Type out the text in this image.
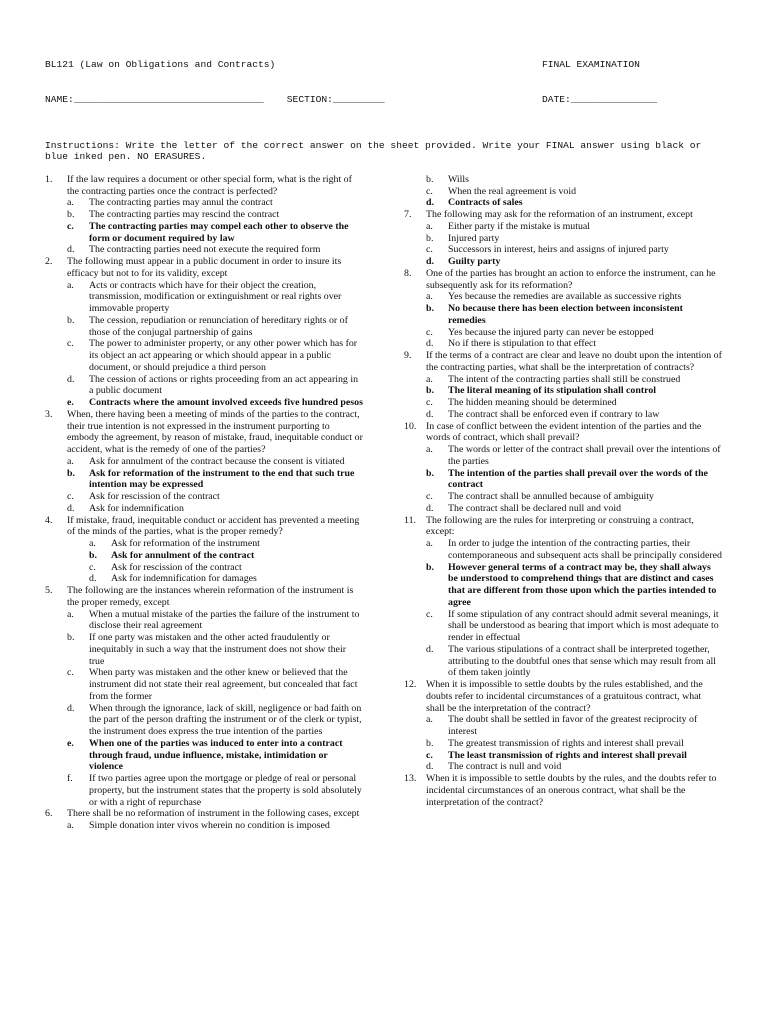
BL121 (Law on Obligations and Contracts)

NAME:_________________________________    SECTION:_________

FINAL EXAMINATION

DATE:_______________

Instructions: Write the letter of the correct answer on the sheet provided. Write your FINAL answer using black or blue inked pen. NO ERASURES.
1.	If the law requires a document or other special form, what is the right of the contracting parties once the contract is perfected?
a.	The contracting parties may annul the contract
b.	The contracting parties may rescind the contract
c.	The contracting parties may compel each other to observe the form or document required by law
d.	The contracting parties need not execute the required form
2.	The following must appear in a public document in order to insure its efficacy but not to for its validity, except
a.	Acts or contracts which have for their object the creation, transmission, modification or extinguishment or real rights over immovable property
b.	The cession, repudiation or renunciation of hereditary rights or of those of the conjugal partnership of gains
c.	The power to administer property, or any other power which has for its object an act appearing or which should appear in a public document, or should prejudice a third person
d.	The cession of actions or rights proceeding from an act appearing in a public document
e.	Contracts where the amount involved exceeds five hundred pesos
3.	When, there having been a meeting of minds of the parties to the contract, their true intention is not expressed in the instrument purporting to embody the agreement, by reason of mistake, fraud, inequitable conduct or accident, what is the remedy of one of the parties?
a.	Ask for annulment of the contract because the consent is vitiated
b.	Ask for reformation of the instrument to the end that such true intention may be expressed
c.	Ask for rescission of the contract
d.	Ask for indemnification
4.	If mistake, fraud, inequitable conduct or accident has prevented a meeting of the minds of the parties, what is the proper remedy?
a.	Ask for reformation of the instrument
b.	Ask for annulment of the contract
c.	Ask for rescission of the contract
d.	Ask for indemnification for damages
5.	The following are the instances wherein reformation of the instrument is the proper remedy, except
a.	When a mutual mistake of the parties the failure of the instrument to disclose their real agreement
b.	If one party was mistaken and the other acted fraudulently or inequitably in such a way that the instrument does not show their true
c.	When party was mistaken and the other knew or believed that the instrument did not state their real agreement, but concealed that fact from the former
d.	When through the ignorance, lack of skill, negligence or bad faith on the part of the person drafting the instrument or of the clerk or typist, the instrument does express the true intention of the parties
e.	When one of the parties was induced to enter into a contract through fraud, undue influence, mistake, intimidation or violence
f.	If two parties agree upon the mortgage or pledge of real or personal property, but the instrument states that the property is sold absolutely or with a right of repurchase
6.	There shall be no reformation of instrument in the following cases, except
a.	Simple donation inter vivos wherein no condition is imposed
b.	Wills
c.	When the real agreement is void
d.	Contracts of sales
7.	The following may ask for the reformation of an instrument, except
a.	Either party if the mistake is mutual
b.	Injured party
c.	Successors in interest, heirs and assigns of injured party
d.	Guilty party
8.	One of the parties has brought an action to enforce the instrument, can he subsequently ask for its reformation?
a.	Yes because the remedies are available as successive rights
b.	No because there has been election between inconsistent remedies
c.	Yes because the injured party can never be estopped
d.	No if there is stipulation to that effect
9.	If the terms of a contract are clear and leave no doubt upon the intention of the contracting parties, what shall be the interpretation of contracts?
a.	The intent of the contracting parties shall still be construed
b.	The literal meaning of its stipulation shall control
c.	The hidden meaning should be determined
d.	The contract shall be enforced even if contrary to law
10. In case of conflict between the evident intention of the parties and the words of contract, which shall prevail?
a.	The words or letter of the contract shall prevail over the intentions of the parties
b.	The intention of the parties shall prevail over the words of the contract
c.	The contract shall be annulled because of ambiguity
d.	The contract shall be declared null and void
11.	The following are the rules for interpreting or construing a contract, except:
a.	In order to judge the intention of the contracting parties, their contemporaneous and subsequent acts shall be principally considered
b.	However general terms of a contract may be, they shall always be understood to comprehend things that are distinct and cases that are different from those upon which the parties intended to agree
c.	If some stipulation of any contract should admit several meanings, it shall be understood as bearing that import which is most adequate to render in effectual
d.	The various stipulations of a contract shall be interpreted together, attributing to the doubtful ones that sense which may result from all of them taken jointly
12. When it is impossible to settle doubts by the rules established, and the doubts refer to incidental circumstances of a gratuitous contract, what shall be the interpretation of the contract?
a.	The doubt shall be settled in favor of the greatest reciprocity of interest
b.	The greatest transmission of rights and interest shall prevail
c.	The least transmission of rights and interest shall prevail
d.	The contract is null and void
13. When it is impossible to settle doubts by the rules, and the doubts refer to incidental circumstances of an onerous contract, what shall be the interpretation of the contract?
